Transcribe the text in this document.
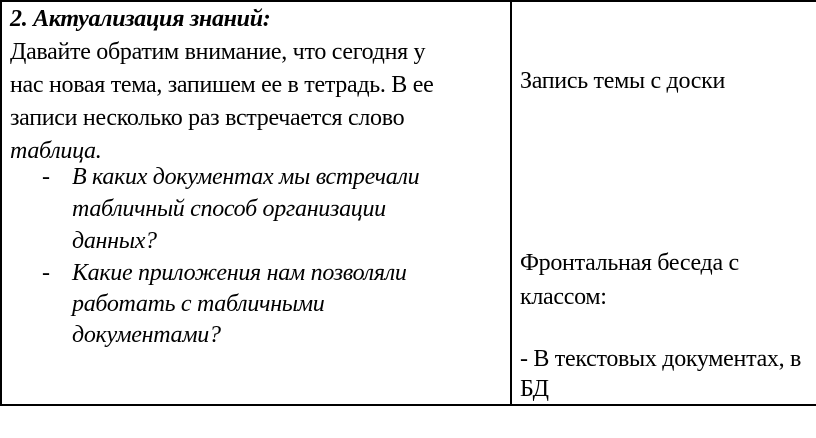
2. Актуализация знаний:
Давайте обратим внимание, что сегодня у
нас новая тема, запишем ее в тетрадь. В ее
записи несколько раз встречается слово
таблица.
- В каких документах мы встречали
табличный способ организации
данных?
- Какие приложения нам позволяли
работать с табличными
документами?
Запись темы с доски
Фронтальная беседа с
классом:
- В текстовых документах, в
БД
